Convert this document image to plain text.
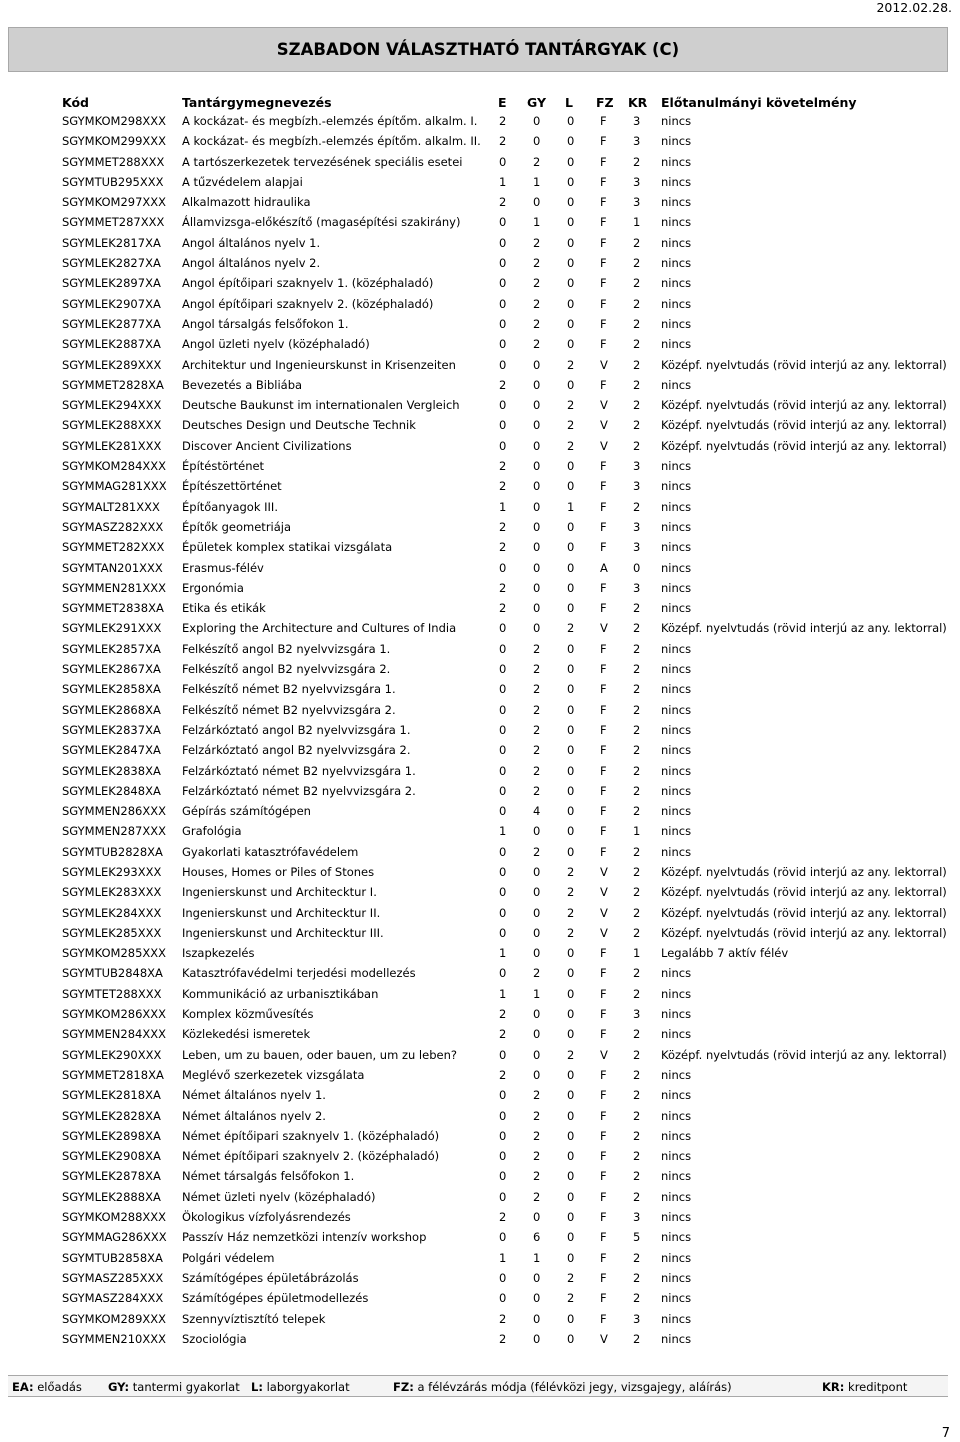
2012.02.28.
SZABADON VÁLASZTHATÓ TANTÁRGYAK (C)
Kód	Tantárgymegnevezés	E GY L FZ KR Előtanulmányi követelmény
SGYMKOM298XXX A kockázat- és megbízh.-elemzés építőm. alkalm. I. 2 0 0 F 3 nincs
SGYMKOM299XXX A kockázat- és megbízh.-elemzés építőm. alkalm. II. 2 0 0 F 3 nincs
SGYMMET288XXX A tartószerkezetek tervezésének speciális esetei	0 2 0 F 2 nincs
SGYMTUB295XXX A tűzvédelem alapjai	1 1 0 F 3 nincs
SGYMKOM297XXX Alkalmazott hidraulika	2 0 0 F 3 nincs
SGYMMET287XXX Államvizsga-előkészítő (magasépítési szakirány)	0 1 0 F 1 nincs
SGYMLEK2817XA Angol általános nyelv 1.	0 2 0 F 2 nincs
SGYMLEK2827XA Angol általános nyelv 2.	0 2 0 F 2 nincs
SGYMLEK2897XA Angol építőipari szaknyelv 1. (középhaladó)	0 2 0 F 2 nincs
SGYMLEK2907XA Angol építőipari szaknyelv 2. (középhaladó)	0 2 0 F 2 nincs
SGYMLEK2877XA Angol társalgás felsőfokon 1.	0 2 0 F 2 nincs
SGYMLEK2887XA Angol üzleti nyelv (középhaladó)	0 2 0 F 2 nincs
SGYMLEK289XXX Architektur und Ingenieurskunst in Krisenzeiten	0 0 2 V 2 Középf. nyelvtudás (rövid interjú az any. lektorral)
SGYMMET2828XA Bevezetés a Bibliába	2 0 0 F 2 nincs
SGYMLEK294XXX Deutsche Baukunst im internationalen Vergleich	0 0 2 V 2 Középf. nyelvtudás (rövid interjú az any. lektorral)
SGYMLEK288XXX Deutsches Design und Deutsche Technik	0 0 2 V 2 Középf. nyelvtudás (rövid interjú az any. lektorral)
SGYMLEK281XXX Discover Ancient Civilizations	0 0 2 V 2 Középf. nyelvtudás (rövid interjú az any. lektorral)
SGYMKOM284XXX Építéstörténet	2 0 0 F 3 nincs
SGYMMAG281XXX Építészettörténet	2 0 0 F 3 nincs
SGYMALT281XXX Építőanyagok III.	1 0 1 F 2 nincs
SGYMASZ282XXX Építők geometriája	2 0 0 F 3 nincs
SGYMMET282XXX Épületek komplex statikai vizsgálata	2 0 0 F 3 nincs
SGYMTAN201XXX Erasmus-félév	0 0 0 A 0 nincs
SGYMMEN281XXX Ergonómia	2 0 0 F 3 nincs
SGYMMET2838XA Etika és etikák	2 0 0 F 2 nincs
SGYMLEK291XXX Exploring the Architecture and Cultures of India	0 0 2 V 2 Középf. nyelvtudás (rövid interjú az any. lektorral)
SGYMLEK2857XA Felkészítő angol B2 nyelvvizsgára 1.	0 2 0 F 2 nincs
SGYMLEK2867XA Felkészítő angol B2 nyelvvizsgára 2.	0 2 0 F 2 nincs
SGYMLEK2858XA Felkészítő német B2 nyelvvizsgára 1.	0 2 0 F 2 nincs
SGYMLEK2868XA Felkészítő német B2 nyelvvizsgára 2.	0 2 0 F 2 nincs
SGYMLEK2837XA Felzárkóztató angol B2 nyelvvizsgára 1.	0 2 0 F 2 nincs
SGYMLEK2847XA Felzárkóztató angol B2 nyelvvizsgára 2.	0 2 0 F 2 nincs
SGYMLEK2838XA Felzárkóztató német B2 nyelvvizsgára 1.	0 2 0 F 2 nincs
SGYMLEK2848XA Felzárkóztató német B2 nyelvvizsgára 2.	0 2 0 F 2 nincs
SGYMMEN286XXX Gépírás számítógépen	0 4 0 F 2 nincs
SGYMMEN287XXX Grafológia	1 0 0 F 1 nincs
SGYMTUB2828XA Gyakorlati katasztrófavédelem	0 2 0 F 2 nincs
SGYMLEK293XXX Houses, Homes or Piles of Stones	0 0 2 V 2 Középf. nyelvtudás (rövid interjú az any. lektorral)
SGYMLEK283XXX Ingenierskunst und Architecktur I.	0 0 2 V 2 Középf. nyelvtudás (rövid interjú az any. lektorral)
SGYMLEK284XXX Ingenierskunst und Architecktur II.	0 0 2 V 2 Középf. nyelvtudás (rövid interjú az any. lektorral)
SGYMLEK285XXX Ingenierskunst und Architecktur III.	0 0 2 V 2 Középf. nyelvtudás (rövid interjú az any. lektorral)
SGYMKOM285XXX Iszapkezelés	1 0 0 F 1 Legalább 7 aktív félév
SGYMTUB2848XA Katasztrófavédelmi terjedési modellezés	0 2 0 F 2 nincs
SGYMTET288XXX Kommunikáció az urbanisztikában	1 1 0 F 2 nincs
SGYMKOM286XXX Komplex közművesítés	2 0 0 F 3 nincs
SGYMMEN284XXX Közlekedési ismeretek	2 0 0 F 2 nincs
SGYMLEK290XXX Leben, um zu bauen, oder bauen, um zu leben?	0 0 2 V 2 Középf. nyelvtudás (rövid interjú az any. lektorral)
SGYMMET2818XA Meglévő szerkezetek vizsgálata	2 0 0 F 2 nincs
SGYMLEK2818XA Német általános nyelv 1.	0 2 0 F 2 nincs
SGYMLEK2828XA Német általános nyelv 2.	0 2 0 F 2 nincs
SGYMLEK2898XA Német építőipari szaknyelv 1. (középhaladó)	0 2 0 F 2 nincs
SGYMLEK2908XA Német építőipari szaknyelv 2. (középhaladó)	0 2 0 F 2 nincs
SGYMLEK2878XA Német társalgás felsőfokon 1.	0 2 0 F 2 nincs
SGYMLEK2888XA Német üzleti nyelv (középhaladó)	0 2 0 F 2 nincs
SGYMKOM288XXX Ökologikus vízfolyásrendezés	2 0 0 F 3 nincs
SGYMMAG286XXX Passzív Ház nemzetközi intenzív workshop	0 6 0 F 5 nincs
SGYMTUB2858XA Polgári védelem	1 1 0 F 2 nincs
SGYMASZ285XXX Számítógépes épületábrázolás	0 0 2 F 2 nincs
SGYMASZ284XXX Számítógépes épületmodellezés	0 0 2 F 2 nincs
SGYMKOM289XXX Szennyvíztisztító telepek	2 0 0 F 3 nincs
SGYMMEN210XXX Szociológia	2 0 0 V 2 nincs
EA: előadás GY: tantermi gyakorlat L: laborgyakorlat	FZ: a félévzárás módja (félévközi jegy, vizsgajegy, aláírás)	KR: kreditpont
7
